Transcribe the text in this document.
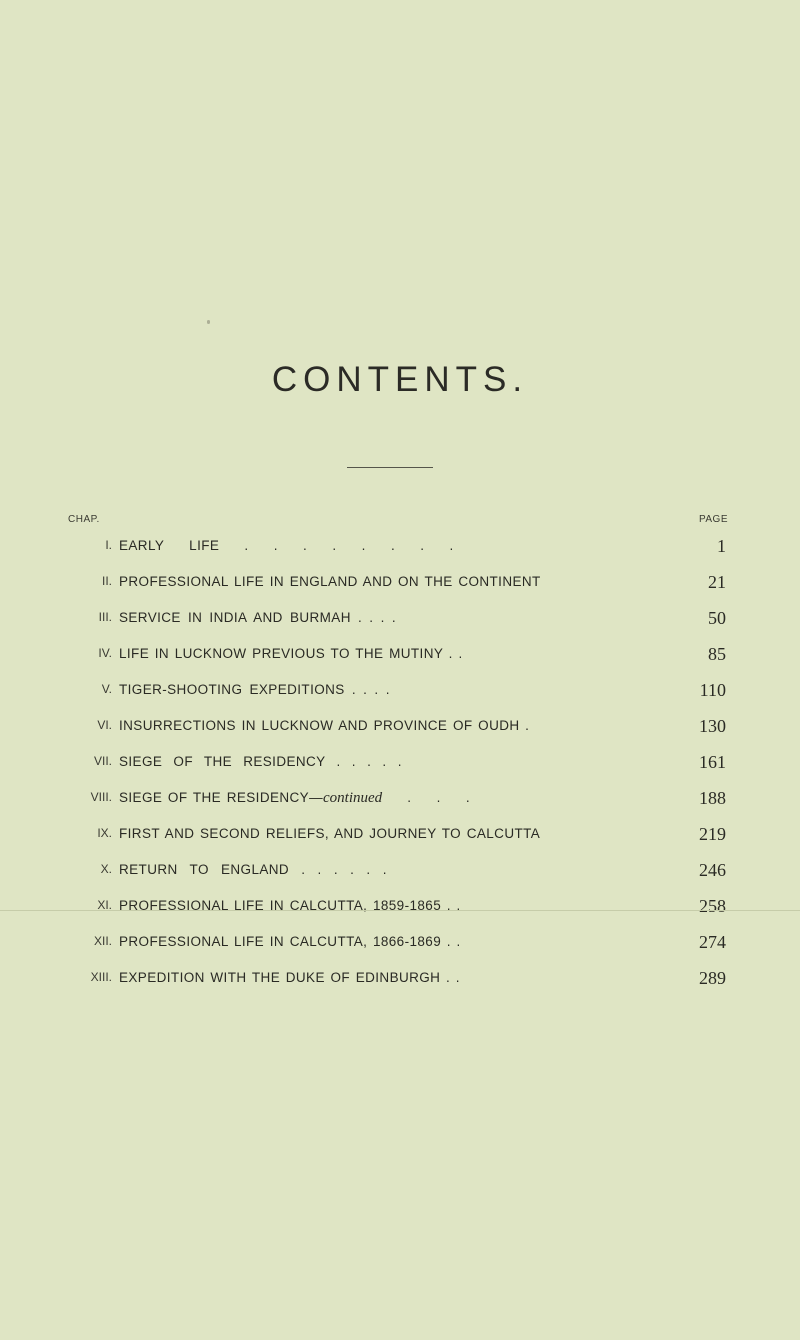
CONTENTS.
CHAP.	PAGE
I. EARLY LIFE . . . . . . . .	1
II. PROFESSIONAL LIFE IN ENGLAND AND ON THE CONTINENT	21
III. SERVICE IN INDIA AND BURMAH . . . .	50
IV. LIFE IN LUCKNOW PREVIOUS TO THE MUTINY . .	85
V. TIGER-SHOOTING EXPEDITIONS . . . .	110
VI. INSURRECTIONS IN LUCKNOW AND PROVINCE OF OUDH .	130
VII. SIEGE OF THE RESIDENCY . . . . .	161
VIII. SIEGE OF THE RESIDENCY—continued . . .	188
IX. FIRST AND SECOND RELIEFS, AND JOURNEY TO CALCUTTA	219
X. RETURN TO ENGLAND . . . . . .	246
XI. PROFESSIONAL LIFE IN CALCUTTA, 1859-1865 . .	258
XII. PROFESSIONAL LIFE IN CALCUTTA, 1866-1869 . .	274
XIII. EXPEDITION WITH THE DUKE OF EDINBURGH . .	289
